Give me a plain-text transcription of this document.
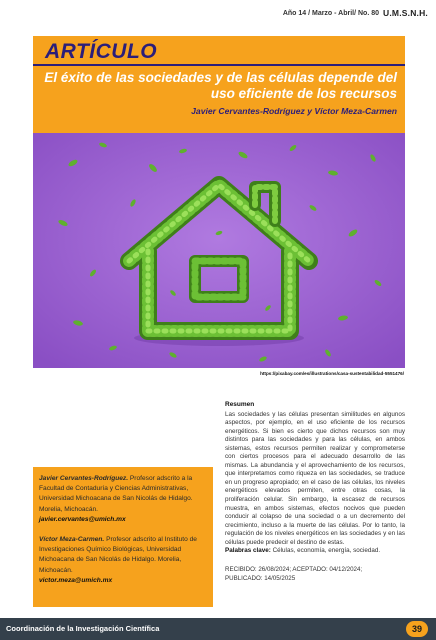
Año 14 / Marzo - Abril/ No. 80 U.M.S.N.H.
ARTÍCULO
El éxito de las sociedades y de las células depende del uso eficiente de los recursos
Javier Cervantes-Rodríguez y Víctor Meza-Carmen
https://pixabay.com/es/illustrations/casa-sustentabilidad-5551476/

Javier Cervantes-Rodríguez. Profesor adscrito a la Facultad de Contaduría y Ciencias Administrativas, Universidad Michoacana de San Nicolás de Hidalgo. Morelia, Michoacán.
javier.cervantes@umich.mx

Víctor Meza-Carmen. Profesor adscrito al Instituto de Investigaciones Químico Biológicas, Universidad Michoacana de San Nicolás de Hidalgo. Morelia, Michoacán.
victor.meza@umich.mx

Resumen

Las sociedades y las células presentan similitudes en algunos aspectos, por ejemplo, en el uso eficiente de los recursos energéticos. Si bien es cierto que dichos recursos son muy distintos para las sociedades y para las células, en ambos sistemas, estos recursos permiten realizar y comprometerse con ciertos procesos para el adecuado desarrollo de las mismas. La abundancia y el aprovechamiento de los recursos, que interpretamos como riqueza en las sociedades, se traduce en un progreso apropiado; en el caso de las células, los niveles energéticos elevados permiten, entre otras cosas, la proliferación celular. Sin embargo, la escasez de recursos muestra, en ambos sistemas, efectos nocivos que pueden conducir al colapso de una sociedad o a un decremento del crecimiento, incluso a la muerte de las células. Por lo tanto, la regulación de los niveles energéticos en las sociedades y en las células puede predecir el destino de estas.

Palabras clave: Células, economía, energía, sociedad.

RECIBIDO: 26/08/2024; ACEPTADO: 04/12/2024;
PUBLICADO: 14/05/2025
Coordinación de la Investigación Científica	39
